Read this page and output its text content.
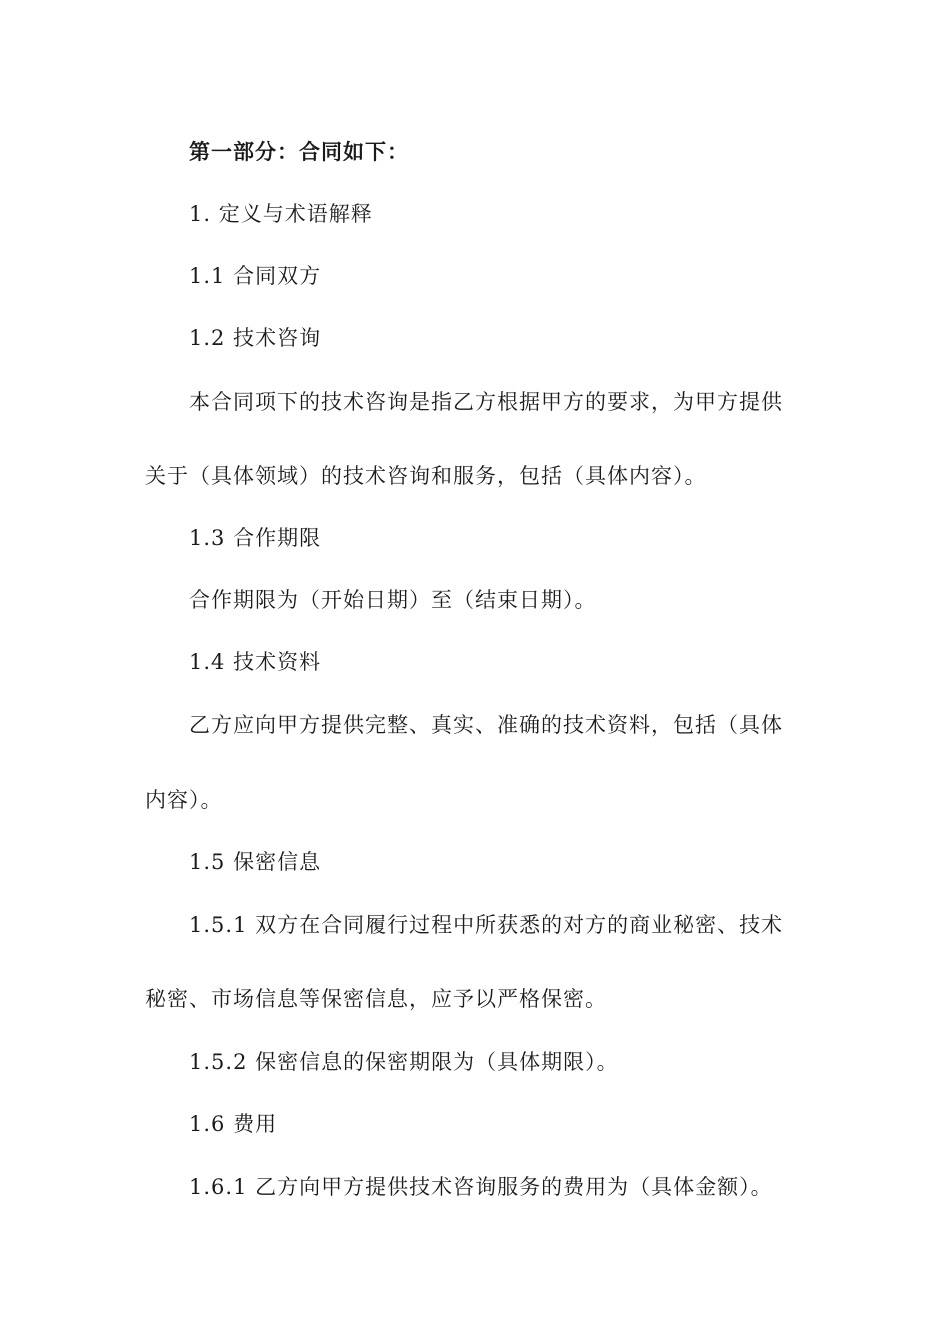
第一部分：合同如下：
1. 定义与术语解释
1.1 合同双方
1.2 技术咨询
本合同项下的技术咨询是指乙方根据甲方的要求，为甲方提供
关于（具体领域）的技术咨询和服务，包括（具体内容）。
1.3 合作期限
合作期限为（开始日期）至（结束日期）。
1.4 技术资料
乙方应向甲方提供完整、真实、准确的技术资料，包括（具体
内容）。
1.5 保密信息
1.5.1 双方在合同履行过程中所获悉的对方的商业秘密、技术
秘密、市场信息等保密信息，应予以严格保密。
1.5.2 保密信息的保密期限为（具体期限）。
1.6 费用
1.6.1 乙方向甲方提供技术咨询服务的费用为（具体金额）。
